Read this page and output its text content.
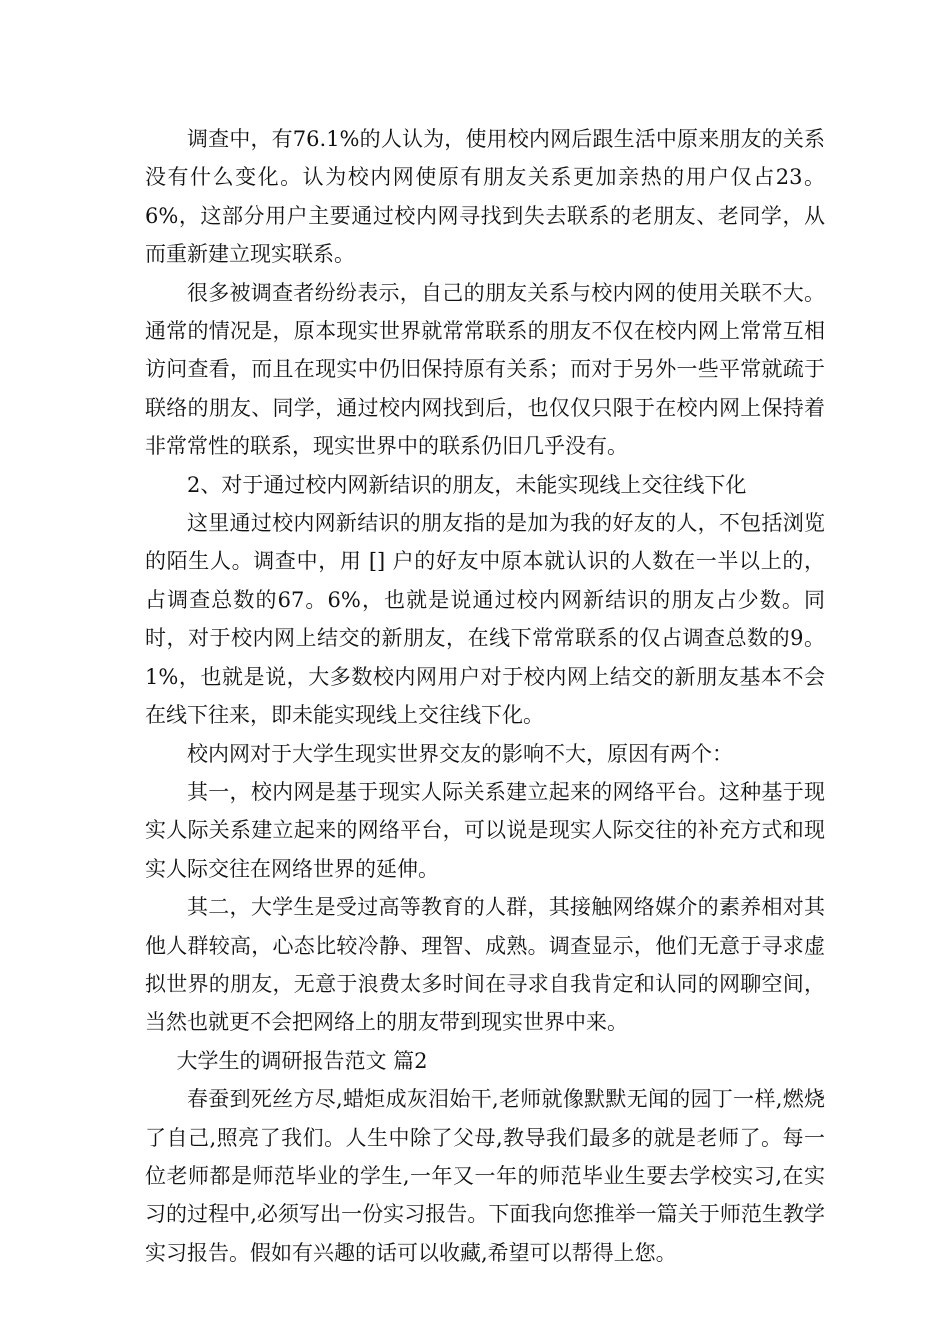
调查中，有76.1%的人认为，使用校内网后跟生活中原来朋友的关系没有什么变化。认为校内网使原有朋友关系更加亲热的用户仅占23。6%，这部分用户主要通过校内网寻找到失去联系的老朋友、老同学，从而重新建立现实联系。

很多被调查者纷纷表示，自己的朋友关系与校内网的使用关联不大。通常的情况是，原本现实世界就常常联系的朋友不仅在校内网上常常互相访问查看，而且在现实中仍旧保持原有关系；而对于另外一些平常就疏于联络的朋友、同学，通过校内网找到后，也仅仅只限于在校内网上保持着非常常性的联系，现实世界中的联系仍旧几乎没有。

2、对于通过校内网新结识的朋友，未能实现线上交往线下化

这里通过校内网新结识的朋友指的是加为我的好友的人，不包括浏览的陌生人。调查中，用 [] 户的好友中原本就认识的人数在一半以上的，占调查总数的67。6%，也就是说通过校内网新结识的朋友占少数。同时，对于校内网上结交的新朋友，在线下常常联系的仅占调查总数的9。1%，也就是说，大多数校内网用户对于校内网上结交的新朋友基本不会在线下往来，即未能实现线上交往线下化。

校内网对于大学生现实世界交友的影响不大，原因有两个：

其一，校内网是基于现实人际关系建立起来的网络平台。这种基于现实人际关系建立起来的网络平台，可以说是现实人际交往的补充方式和现实人际交往在网络世界的延伸。

其二，大学生是受过高等教育的人群，其接触网络媒介的素养相对其他人群较高，心态比较冷静、理智、成熟。调查显示，他们无意于寻求虚拟世界的朋友，无意于浪费太多时间在寻求自我肯定和认同的网聊空间，当然也就更不会把网络上的朋友带到现实世界中来。

大学生的调研报告范文 篇2

春蚕到死丝方尽,蜡炬成灰泪始干,老师就像默默无闻的园丁一样,燃烧了自己,照亮了我们。人生中除了父母,教导我们最多的就是老师了。每一位老师都是师范毕业的学生,一年又一年的师范毕业生要去学校实习,在实习的过程中,必须写出一份实习报告。下面我向您推举一篇关于师范生教学实习报告。假如有兴趣的话可以收藏,希望可以帮得上您。
